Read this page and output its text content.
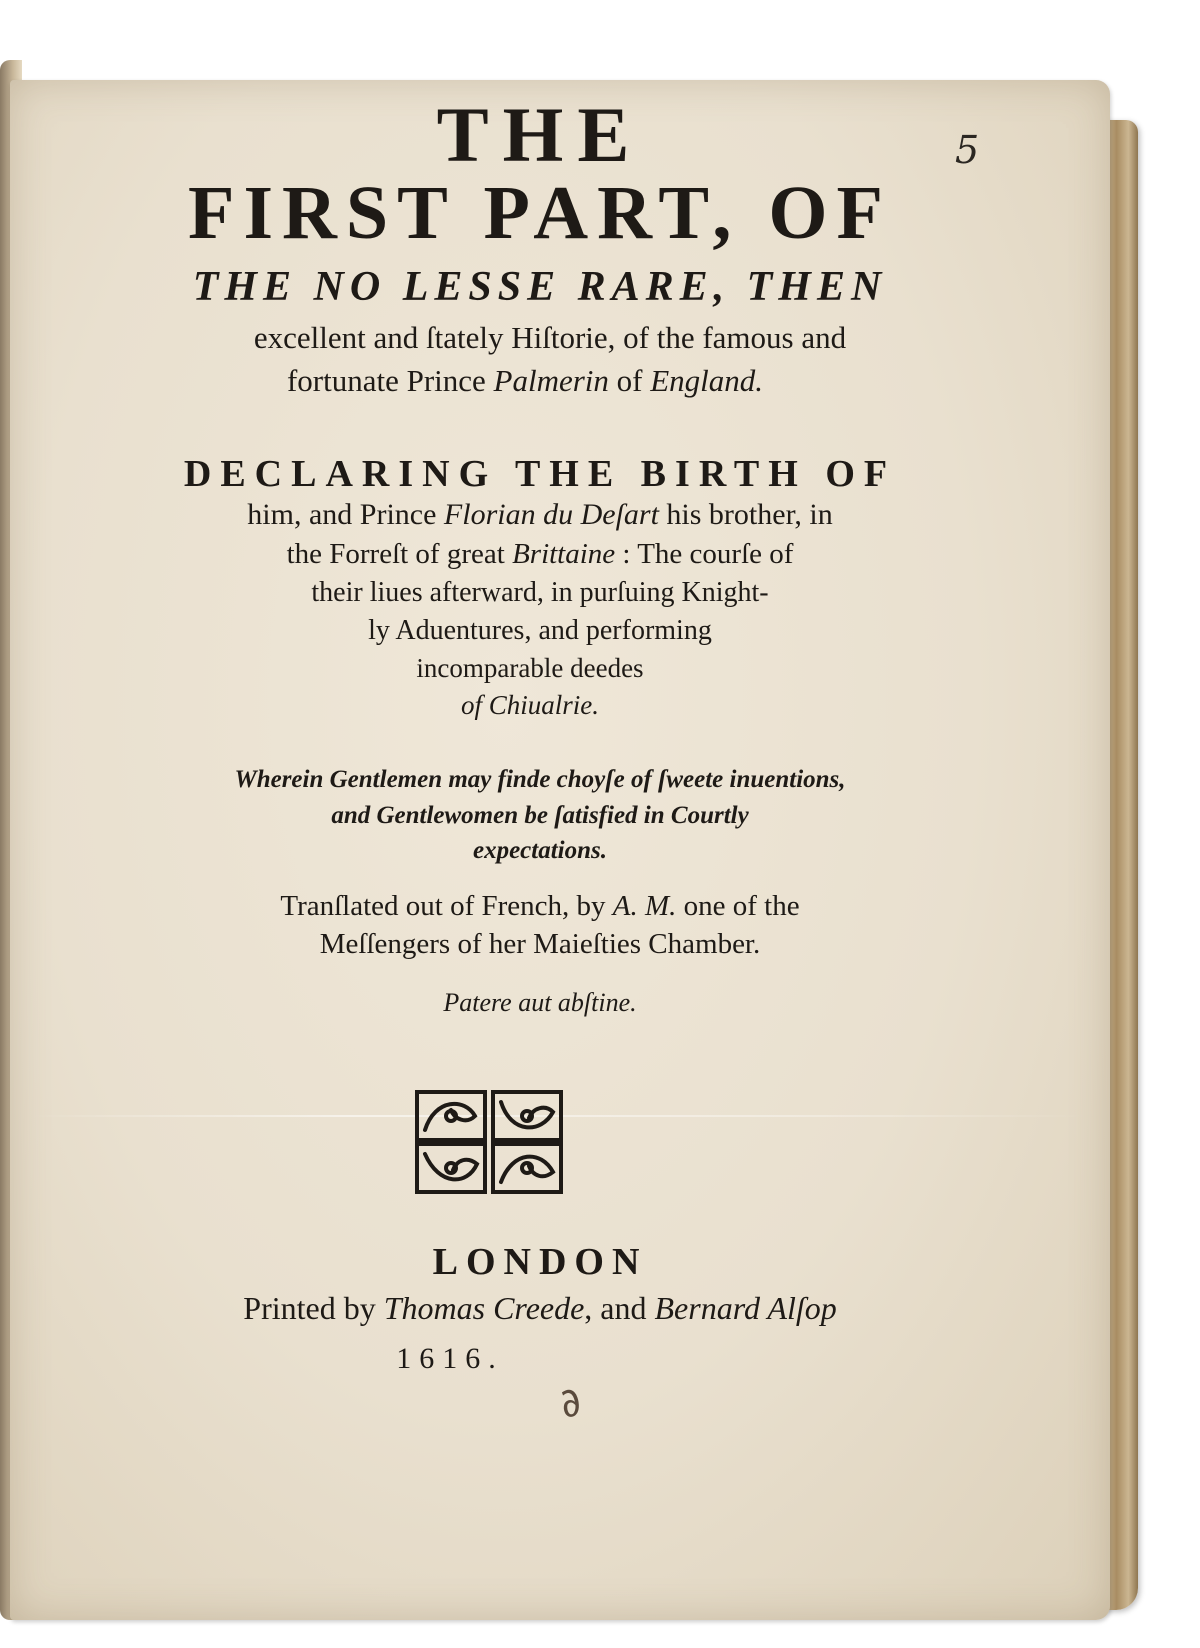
5
THE
FIRST PART, OF
THE NO LESSE RARE, THEN
excellent and ſtately Hiſtorie, of the famous and
fortunate Prince Palmerin of England.
DECLARING THE BIRTH OF
him, and Prince Florian du Deſart his brother, in
the Forreſt of great Brittaine : The courſe of
their liues afterward, in purſuing Knight-
ly Aduentures, and performing
incomparable deedes
of Chiualrie.
Wherein Gentlemen may finde choyſe of ſweete inuentions,
and Gentlewomen be ſatisfied in Courtly
expectations.
Tranſlated out of French, by A. M. one of the
Meſſengers of her Maieſties Chamber.
Patere aut abſtine.
LONDON
Printed by Thomas Creede, and Bernard Alſop
1616.
∂
